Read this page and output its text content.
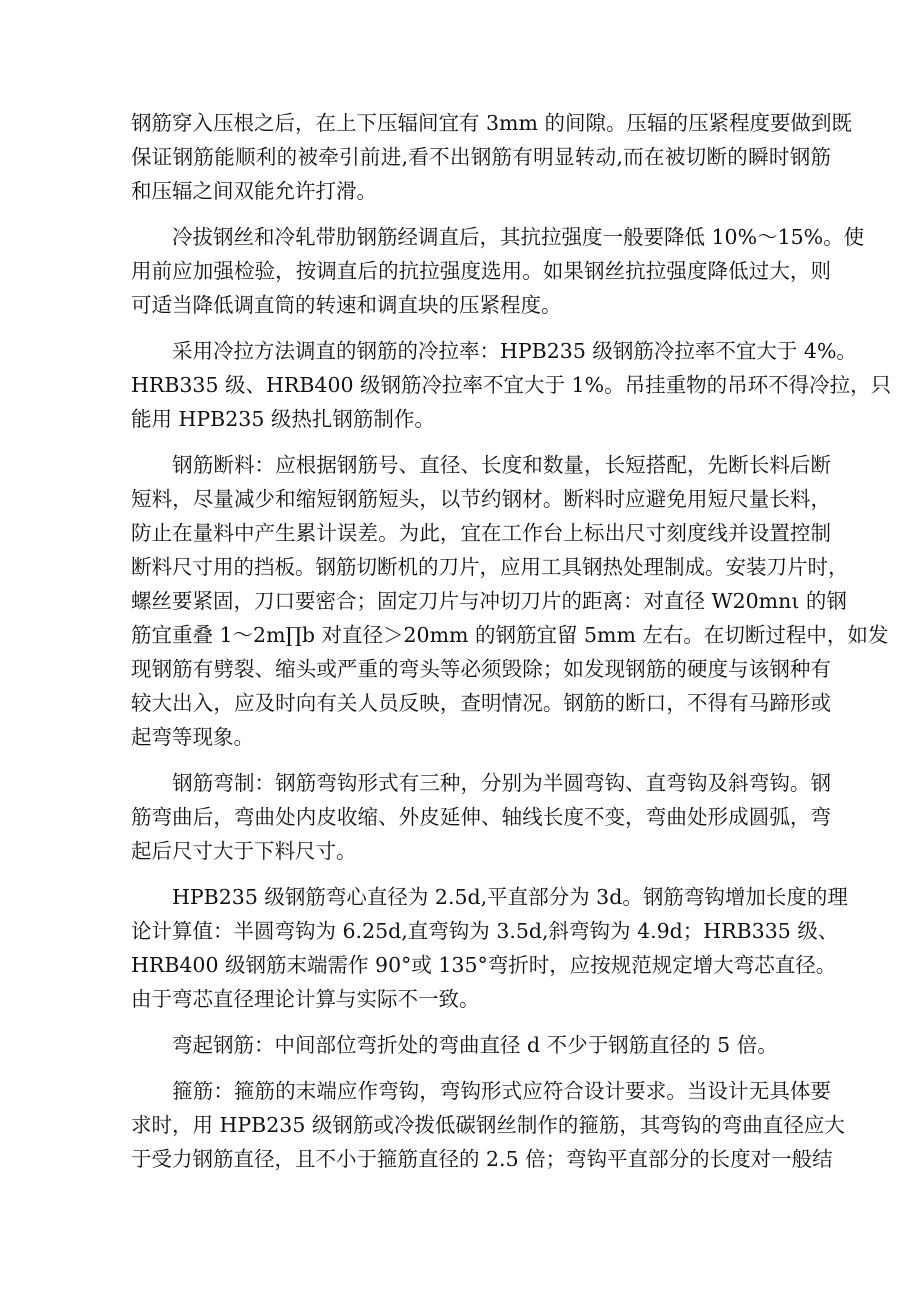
钢筋穿入压根之后，在上下压辐间宜有 3mm 的间隙。压辐的压紧程度要做到既
保证钢筋能顺利的被牵引前进,看不出钢筋有明显转动,而在被切断的瞬时钢筋
和压辐之间双能允许打滑。
　　冷拔钢丝和冷轧带肋钢筋经调直后，其抗拉强度一般要降低 10%～15%。使
用前应加强检验，按调直后的抗拉强度选用。如果钢丝抗拉强度降低过大，则
可适当降低调直筒的转速和调直块的压紧程度。
　　采用冷拉方法调直的钢筋的冷拉率：HPB235 级钢筋冷拉率不宜大于 4%。
HRB335 级、HRB400 级钢筋冷拉率不宜大于 1%。吊挂重物的吊环不得冷拉，只
能用 HPB235 级热扎钢筋制作。
　　钢筋断料：应根据钢筋号、直径、长度和数量，长短搭配，先断长料后断
短料，尽量减少和缩短钢筋短头，以节约钢材。断料时应避免用短尺量长料，
防止在量料中产生累计误差。为此，宜在工作台上标出尺寸刻度线并设置控制
断料尺寸用的挡板。钢筋切断机的刀片，应用工具钢热处理制成。安装刀片时，
螺丝要紧固，刀口要密合；固定刀片与冲切刀片的距离：对直径 W20mnι 的钢
筋宜重叠 1～2m∏b 对直径＞20mm 的钢筋宜留 5mm 左右。在切断过程中，如发
现钢筋有劈裂、缩头或严重的弯头等必须毁除；如发现钢筋的硬度与该钢种有
较大出入，应及时向有关人员反映，查明情况。钢筋的断口，不得有马蹄形或
起弯等现象。
　　钢筋弯制：钢筋弯钩形式有三种，分别为半圆弯钩、直弯钩及斜弯钩。钢
筋弯曲后，弯曲处内皮收缩、外皮延伸、轴线长度不变，弯曲处形成圆弧，弯
起后尺寸大于下料尺寸。
　　HPB235 级钢筋弯心直径为 2.5d,平直部分为 3d。钢筋弯钩增加长度的理
论计算值：半圆弯钩为 6.25d,直弯钩为 3.5d,斜弯钩为 4.9d；HRB335 级、
HRB400 级钢筋末端需作 90°或 135°弯折时，应按规范规定增大弯芯直径。
由于弯芯直径理论计算与实际不一致。
　　弯起钢筋：中间部位弯折处的弯曲直径 d 不少于钢筋直径的 5 倍。
　　箍筋：箍筋的末端应作弯钩，弯钩形式应符合设计要求。当设计无具体要
求时，用 HPB235 级钢筋或冷拨低碳钢丝制作的箍筋，其弯钩的弯曲直径应大
于受力钢筋直径，且不小于箍筋直径的 2.5 倍；弯钩平直部分的长度对一般结
